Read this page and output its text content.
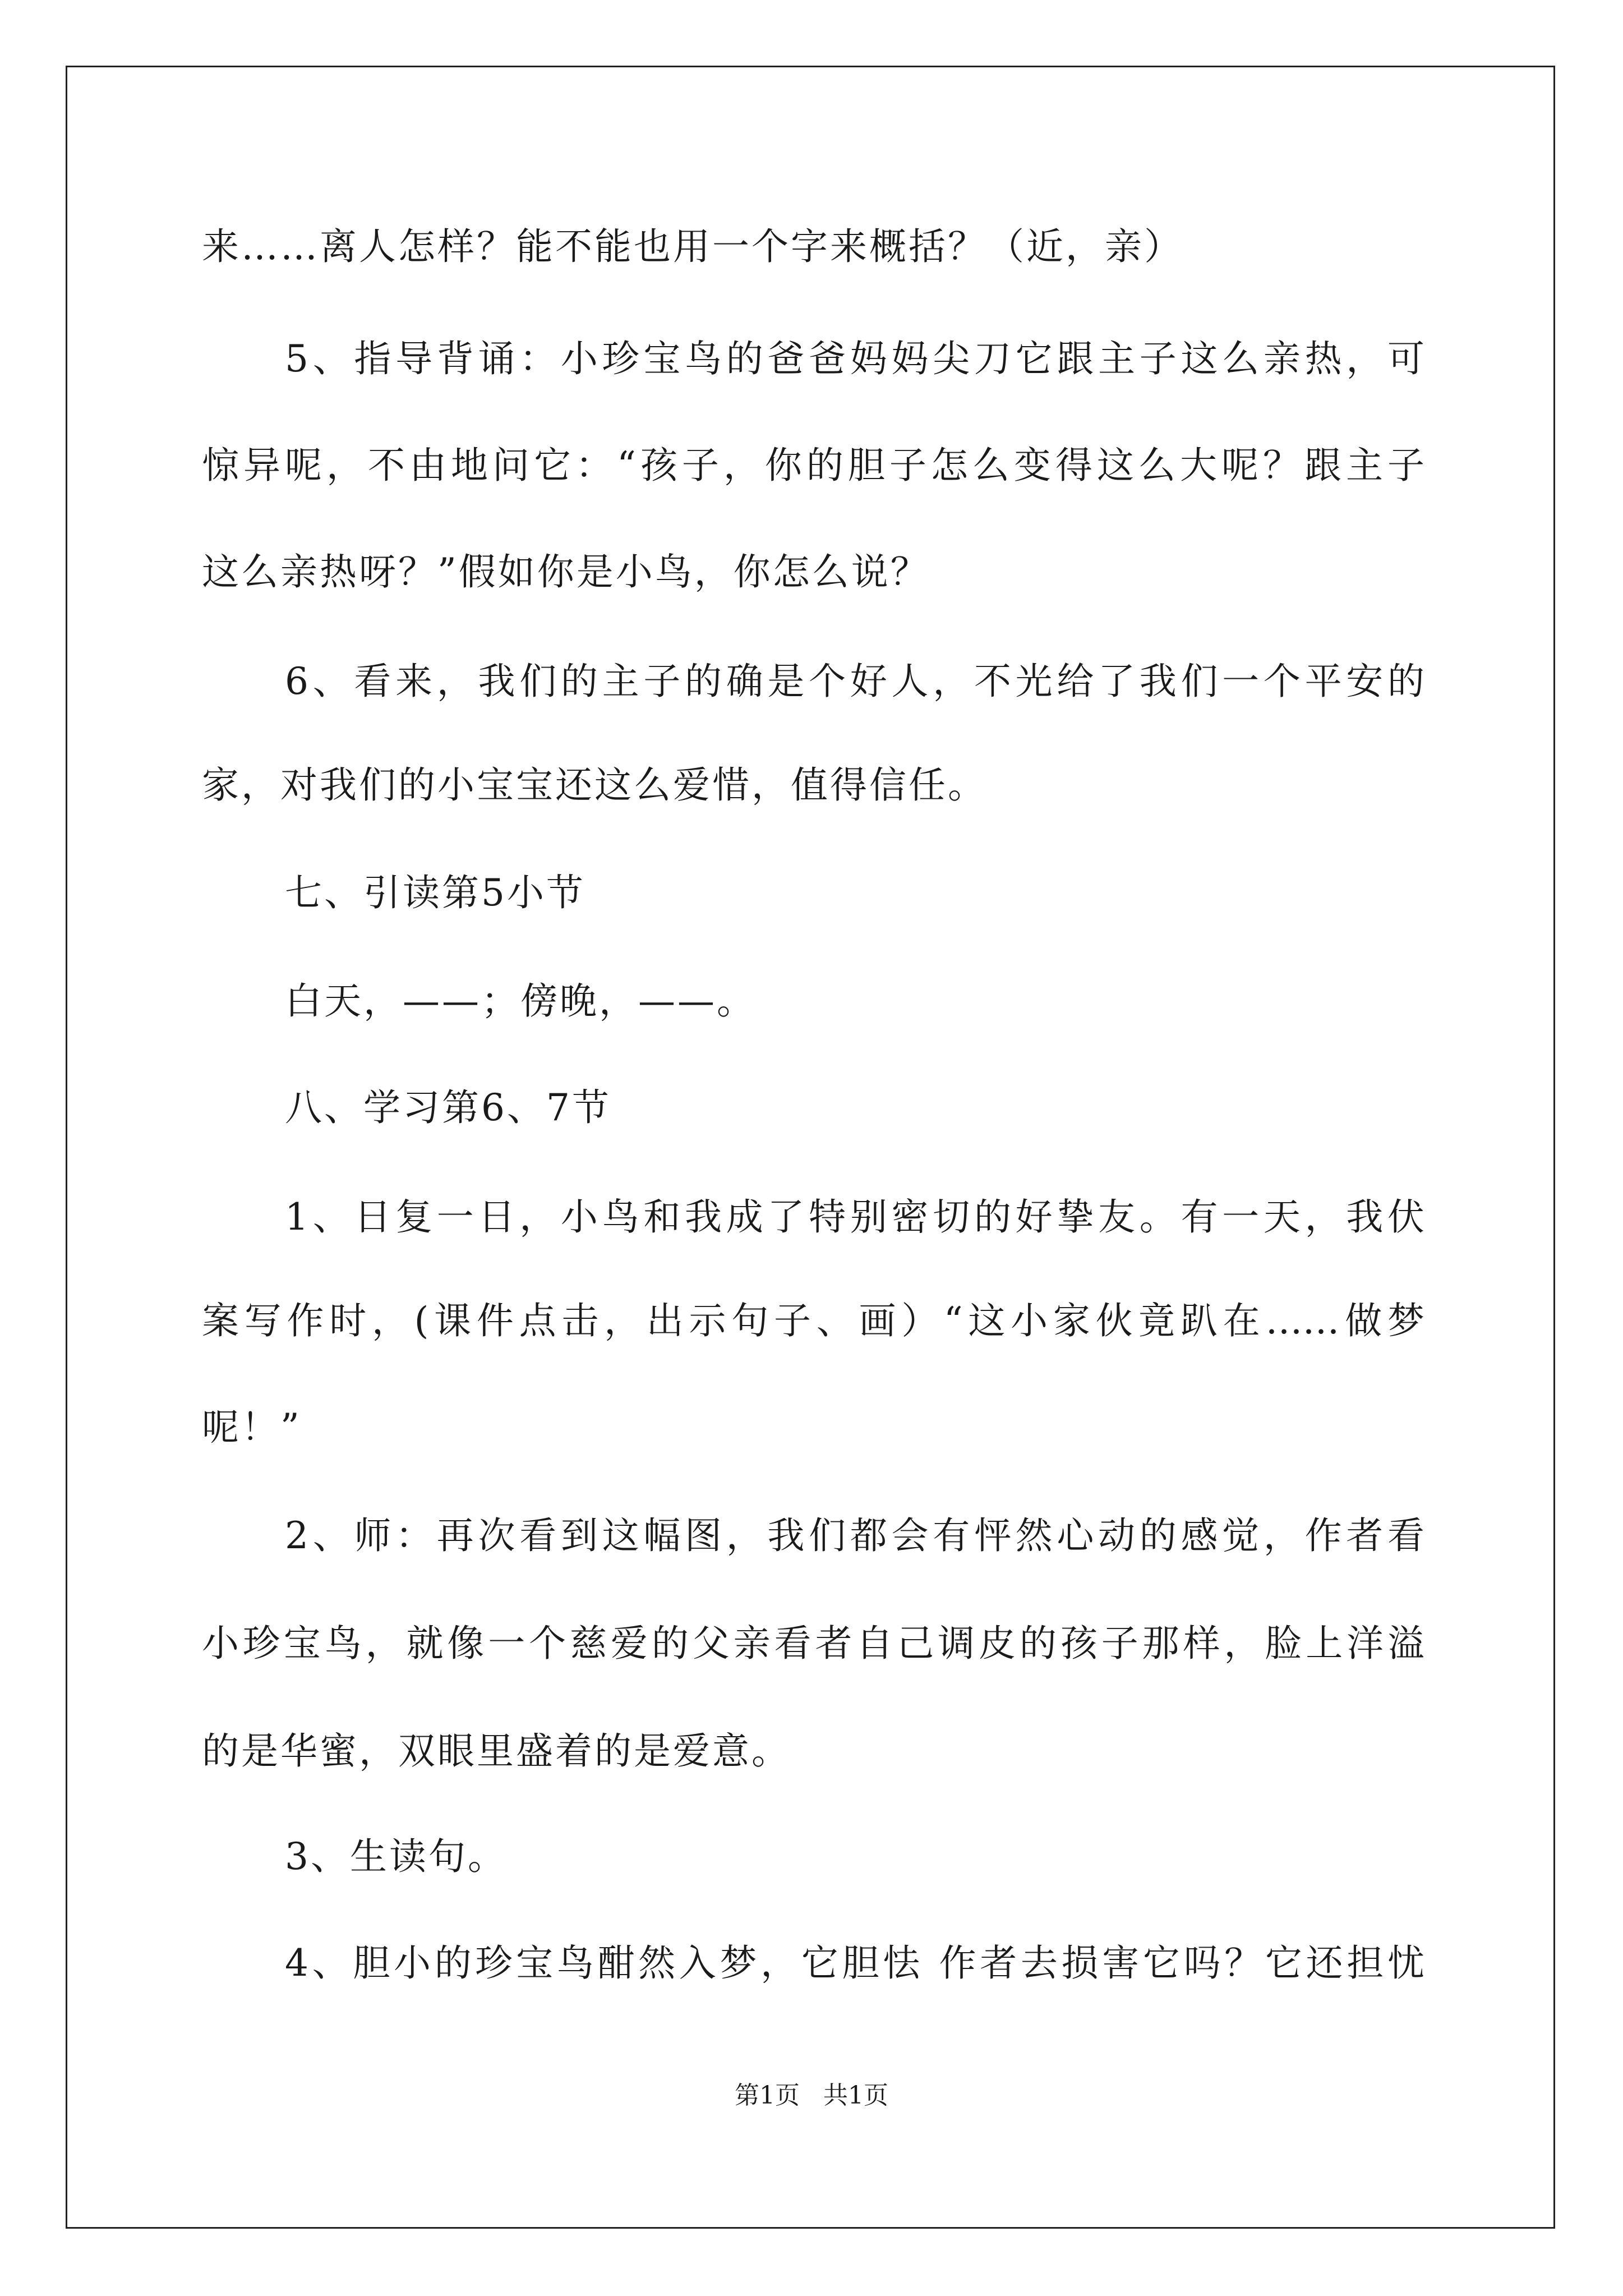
来……离人怎样？能不能也用一个字来概括？（近，亲）
5、指导背诵：小珍宝鸟的爸爸妈妈尖刀它跟主子这么亲热，可
惊异呢，不由地问它：“孩子，你的胆子怎么变得这么大呢？跟主子
这么亲热呀？”假如你是小鸟，你怎么说？
6、看来，我们的主子的确是个好人，不光给了我们一个平安的
家，对我们的小宝宝还这么爱惜，值得信任。
七、引读第5小节
白天，——；傍晚，——。
八、学习第6、7节
1、日复一日，小鸟和我成了特别密切的好挚友。有一天，我伏
案写作时，(课件点击，出示句子、画）“这小家伙竟趴在……做梦
呢！”
2、师：再次看到这幅图，我们都会有怦然心动的感觉，作者看
小珍宝鸟，就像一个慈爱的父亲看者自己调皮的孩子那样，脸上洋溢
的是华蜜，双眼里盛着的是爱意。
3、生读句。
4、胆小的珍宝鸟酣然入梦，它胆怯 作者去损害它吗？它还担忧
第1页 共1页
